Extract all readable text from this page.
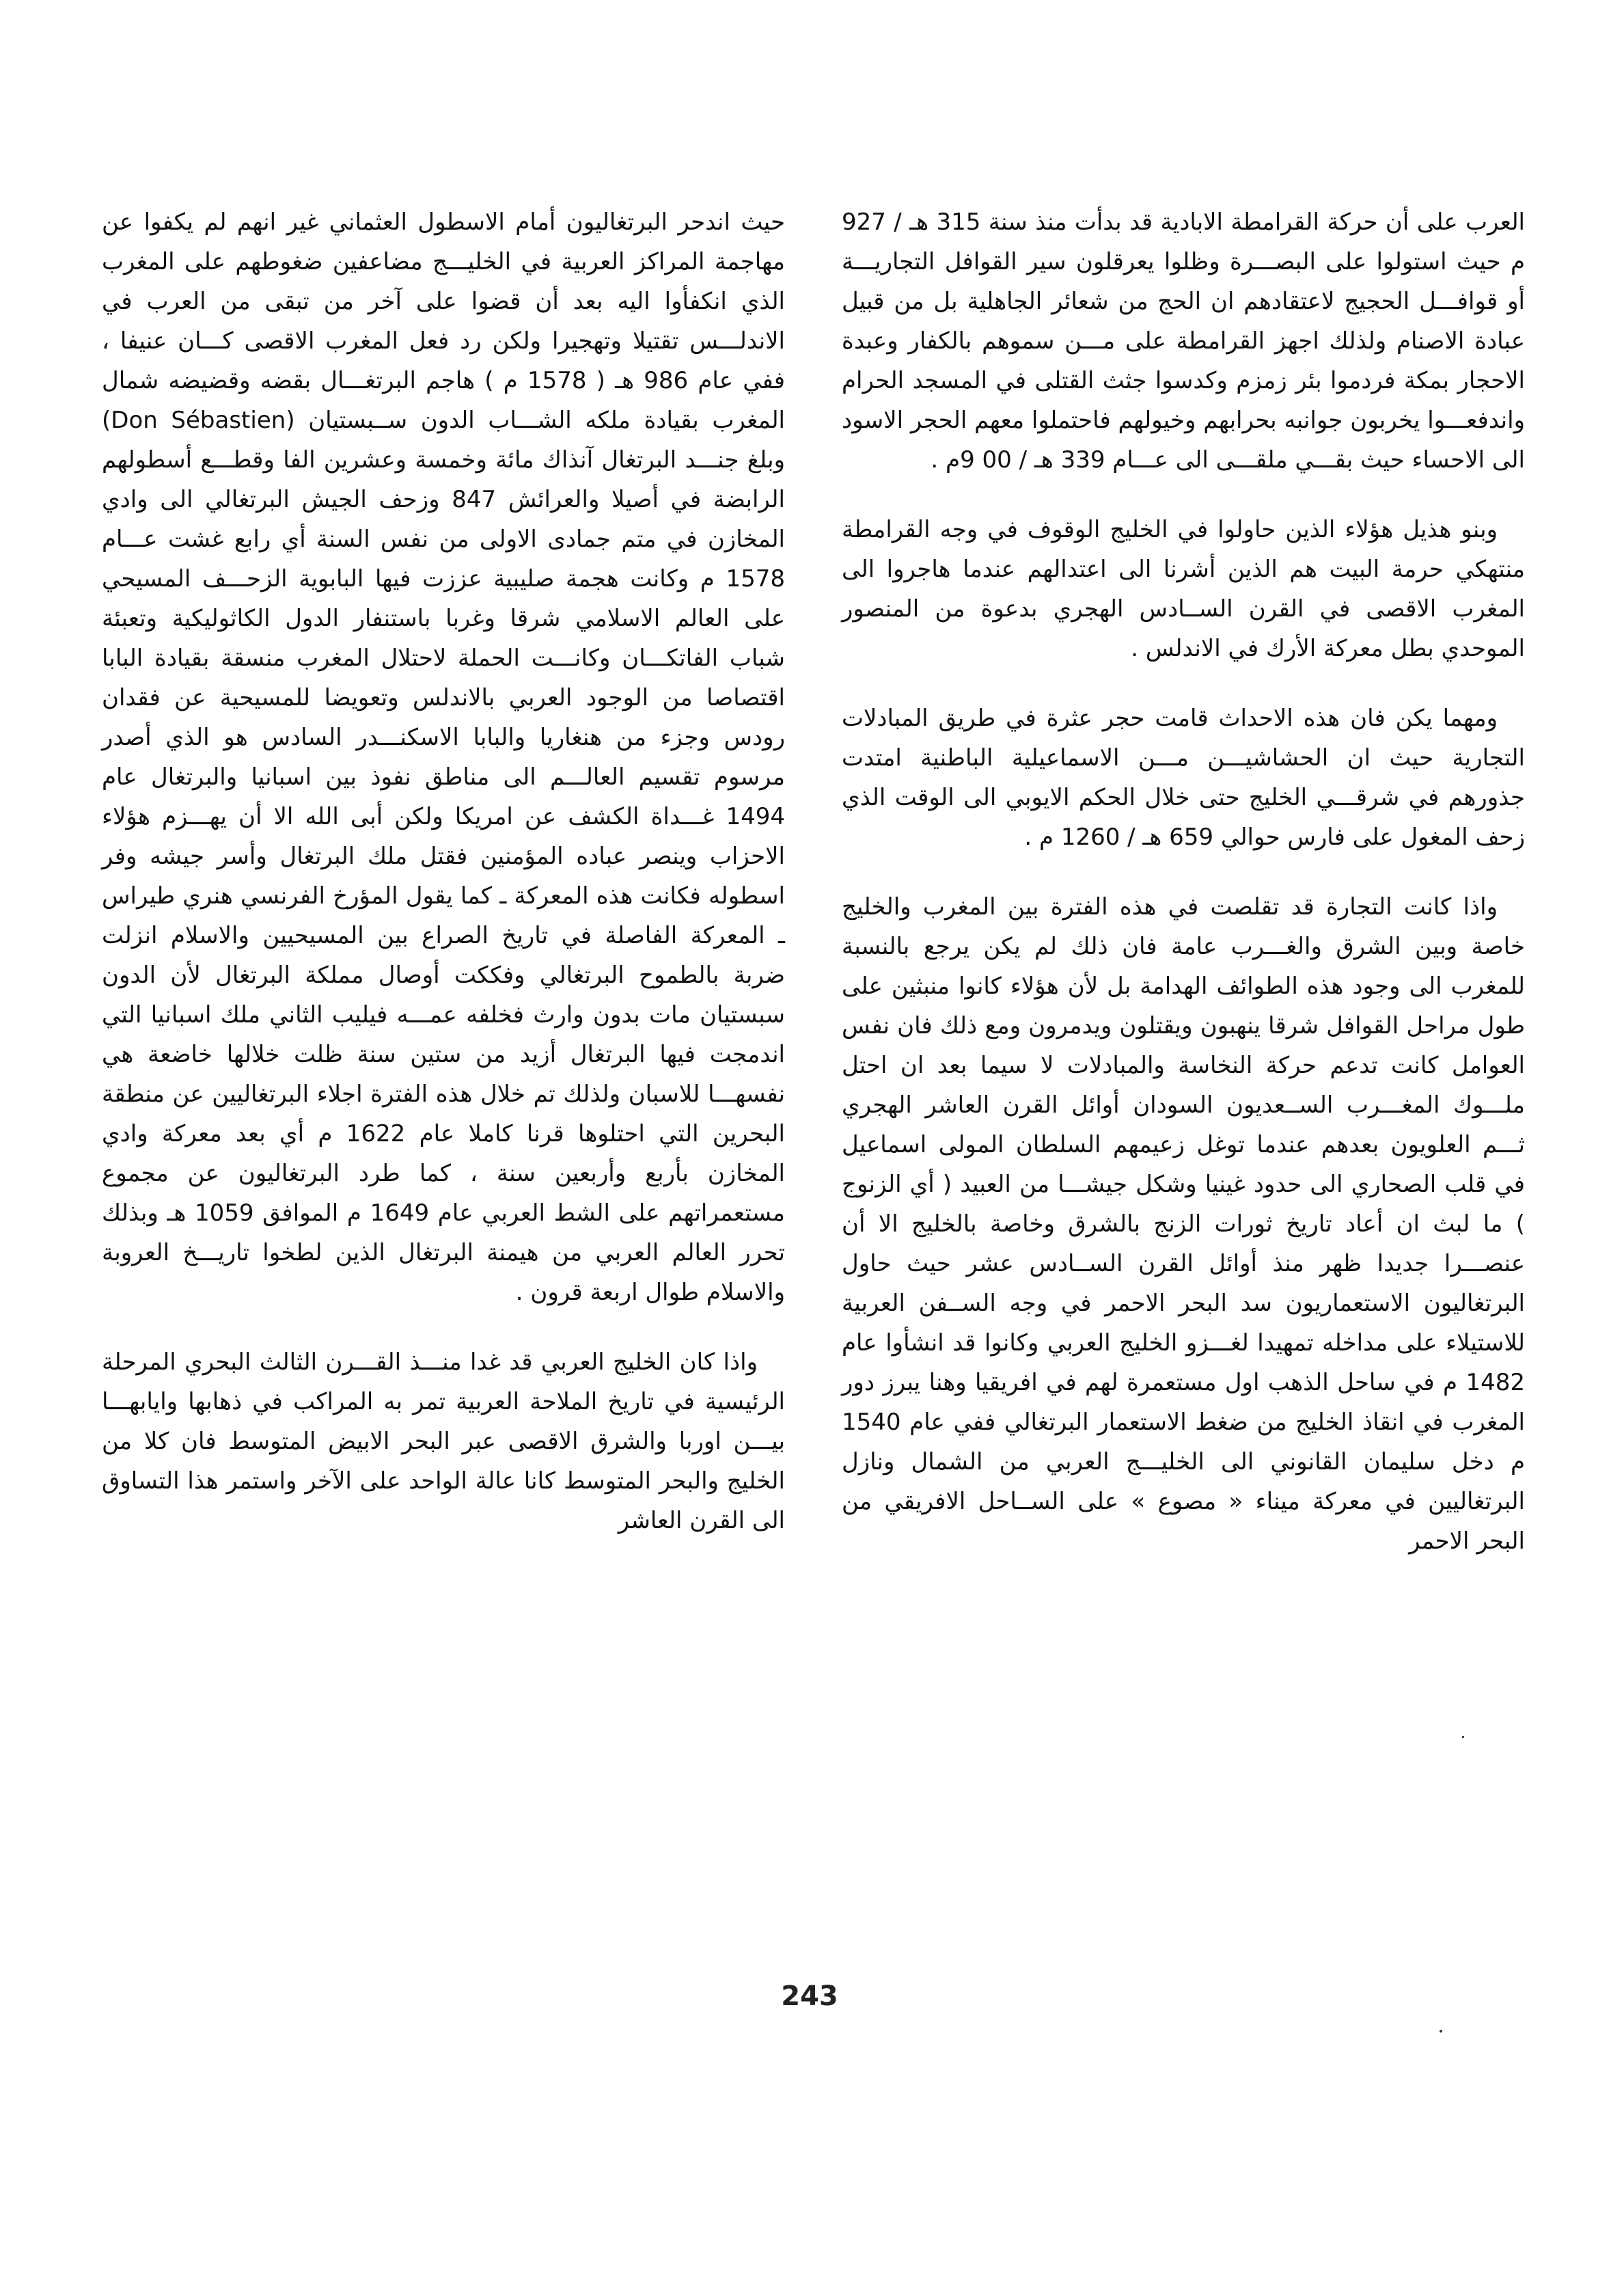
العرب على أن حركة القرامطة الابادية قد بدأت منذ سنة 315 هـ / 927 م حيث استولوا على البصـــرة وظلوا يعرقلون سير القوافل التجاريـــة أو قوافـــل الحجيج لاعتقادهم ان الحج من شعائر الجاهلية بل من قبيل عبادة الاصنام ولذلك اجهز القرامطة على مـــن سموهم بالكفار وعبدة الاحجار بمكة فردموا بئر زمزم وكدسوا جثث القتلى في المسجد الحرام واندفعـــوا يخربون جوانبه بحرابهم وخيولهم فاحتملوا معهم الحجر الاسود الى الاحساء حيث بقـــي ملقـــى الى عـــام 339 هـ / 00 9م .

وبنو هذيل هؤلاء الذين حاولوا في الخليج الوقوف في وجه القرامطة منتهكي حرمة البيت هم الذين أشرنا الى اعتدالهم عندما هاجروا الى المغرب الاقصى في القرن الســادس الهجري بدعوة من المنصور الموحدي بطل معركة الأرك في الاندلس .

ومهما يكن فان هذه الاحداث قامت حجر عثرة في طريق المبادلات التجارية حيث ان الحشاشيـــن مـــن الاسماعيلية الباطنية امتدت جذورهم في شرقـــي الخليج حتى خلال الحكم الايوبي الى الوقت الذي زحف المغول على فارس حوالي 659 هـ / 1260 م .

واذا كانت التجارة قد تقلصت في هذه الفترة بين المغرب والخليج خاصة وبين الشرق والغـــرب عامة فان ذلك لم يكن يرجع بالنسبة للمغرب الى وجود هذه الطوائف الهدامة بل لأن هؤلاء كانوا منبثين على طول مراحل القوافل شرقا ينهبون ويقتلون ويدمرون ومع ذلك فان نفس العوامل كانت تدعم حركة النخاسة والمبادلات لا سيما بعد ان احتل ملـــوك المغـــرب الســعديون السودان أوائل القرن العاشر الهجري ثـــم العلويون بعدهم عندما توغل زعيمهم السلطان المولى اسماعيل في قلب الصحاري الى حدود غينيا وشكل جيشـــا من العبيد ( أي الزنوج ) ما لبث ان أعاد تاريخ ثورات الزنج بالشرق وخاصة بالخليج الا أن عنصـــرا جديدا ظهر منذ أوائل القرن الســادس عشر حيث حاول البرتغاليون الاستعماريون سد البحر الاحمر في وجه الســفن العربية للاستيلاء على مداخله تمهيدا لغـــزو الخليج العربي وكانوا قد انشأوا عام 1482 م في ساحل الذهب اول مستعمرة لهم في افريقيا وهنا يبرز دور المغرب في انقاذ الخليج من ضغط الاستعمار البرتغالي ففي عام 1540 م دخل سليمان القانوني الى الخليـــج العربي من الشمال ونازل البرتغاليين في معركة ميناء « مصوع » على الســاحل الافريقي من البحر الاحمر

حيث اندحر البرتغاليون أمام الاسطول العثماني غير انهم لم يكفوا عن مهاجمة المراكز العربية في الخليـــج مضاعفين ضغوطهم على المغرب الذي انكفأوا اليه بعد أن قضوا على آخر من تبقى من العرب في الاندلـــس تقتيلا وتهجيرا ولكن رد فعل المغرب الاقصى كـــان عنيفا ، ففي عام 986 هـ ( 1578 م ) هاجم البرتغـــال بقضه وقضيضه شمال المغرب بقيادة ملكه الشـــاب الدون ســبستيان (Don Sébastien) وبلغ جنـــد البرتغال آنذاك مائة وخمسة وعشرين الفا وقطـــع أسطولهم الرابضة في أصيلا والعرائش 847 وزحف الجيش البرتغالي الى وادي المخازن في متم جمادى الاولى من نفس السنة أي رابع غشت عـــام 1578 م وكانت هجمة صليبية عززت فيها البابوية الزحـــف المسيحي على العالم الاسلامي شرقا وغربا باستنفار الدول الكاثوليكية وتعبئة شباب الفاتكـــان وكانـــت الحملة لاحتلال المغرب منسقة بقيادة البابا اقتصاصا من الوجود العربي بالاندلس وتعويضا للمسيحية عن فقدان رودس وجزء من هنغاريا والبابا الاسكنـــدر السادس هو الذي أصدر مرسوم تقسيم العالـــم الى مناطق نفوذ بين اسبانيا والبرتغال عام 1494 غـــداة الكشف عن امريكا ولكن أبى الله الا أن يهـــزم هؤلاء الاحزاب وينصر عباده المؤمنين فقتل ملك البرتغال وأسر جيشه وفر اسطوله فكانت هذه المعركة ـ كما يقول المؤرخ الفرنسي هنري طيراس ـ المعركة الفاصلة في تاريخ الصراع بين المسيحيين والاسلام انزلت ضربة بالطموح البرتغالي وفككت أوصال مملكة البرتغال لأن الدون سبستيان مات بدون وارث فخلفه عمـــه فيليب الثاني ملك اسبانيا التي اندمجت فيها البرتغال أزيد من ستين سنة ظلت خلالها خاضعة هي نفسهـــا للاسبان ولذلك تم خلال هذه الفترة اجلاء البرتغاليين عن منطقة البحرين التي احتلوها قرنا كاملا عام 1622 م أي بعد معركة وادي المخازن بأربع وأربعين سنة ، كما طرد البرتغاليون عن مجموع مستعمراتهم على الشط العربي عام 1649 م الموافق 1059 هـ وبذلك تحرر العالم العربي من هيمنة البرتغال الذين لطخوا تاريـــخ العروبة والاسلام طوال اربعة قرون .

واذا كان الخليج العربي قد غدا منـــذ القـــرن الثالث البحري المرحلة الرئيسية في تاريخ الملاحة العربية تمر به المراكب في ذهابها وايابهـــا بيـــن اوربا والشرق الاقصى عبر البحر الابيض المتوسط فان كلا من الخليج والبحر المتوسط كانا عالة الواحد على الآخر واستمر هذا التساوق الى القرن العاشر

243
